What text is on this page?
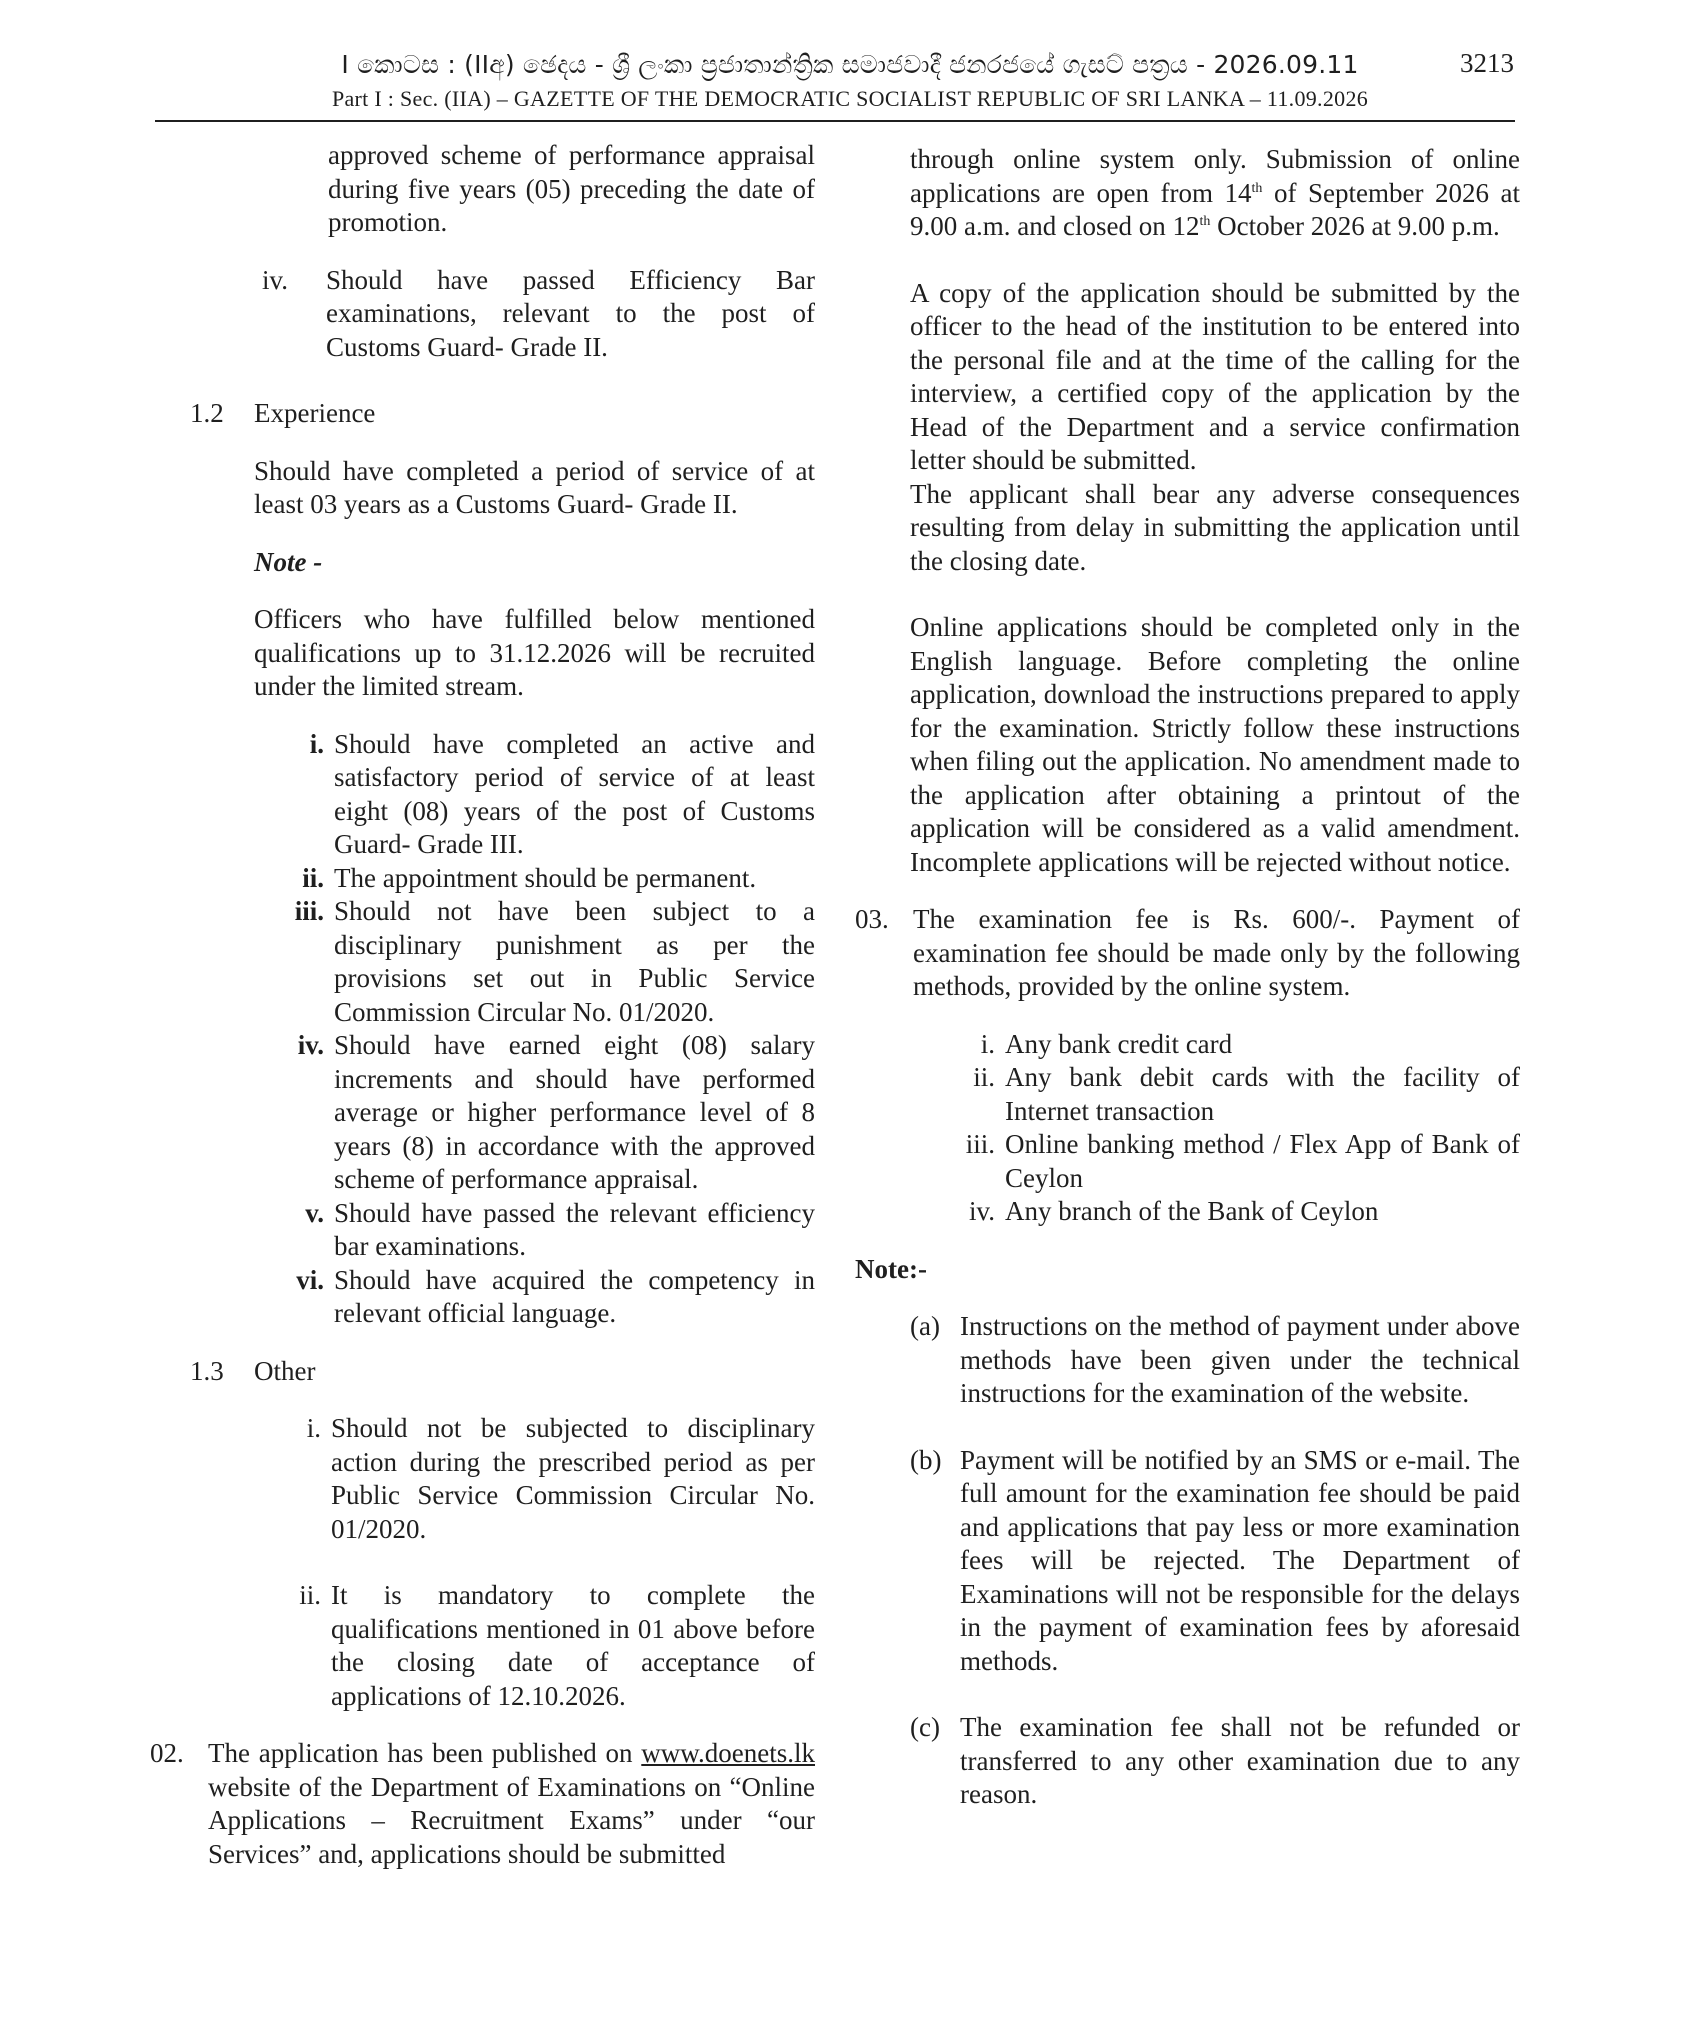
I කොටස : (IIඅ) ඡෙදය - ශ්‍රී ලංකා ප්‍රජාතාන්ත්‍රික සමාජවාදී ජනරජයේ ගැසට් පත්‍රය - 2026.09.11
Part I : Sec. (IIA) – GAZETTE OF THE DEMOCRATIC SOCIALIST REPUBLIC OF SRI LANKA – 11.09.2026
3213

approved scheme of performance appraisal during five years (05) preceding the date of promotion.

iv.	Should have passed Efficiency Bar examinations, relevant to the post of Customs Guard- Grade II.
1.2	Experience

Should have completed a period of service of at least 03 years as a Customs Guard- Grade II.

Note -

Officers who have fulfilled below mentioned qualifications up to 31.12.2026 will be recruited under the limited stream.

i. Should have completed an active and satisfactory period of service of at least eight (08) years of the post of Customs Guard- Grade III.
ii. The appointment should be permanent.
iii. Should not have been subject to a disciplinary punishment as per the provisions set out in Public Service Commission Circular No. 01/2020.
iv. Should have earned eight (08) salary increments and should have performed average or higher performance level of 8 years (8) in accordance with the approved scheme of performance appraisal.
v. Should have passed the relevant efficiency bar examinations.
vi. Should have acquired the competency in relevant official language.
1.3	Other
i. Should not be subjected to disciplinary action during the prescribed period as per Public Service Commission Circular No. 01/2020.
ii. It is mandatory to complete the qualifications mentioned in 01 above before the closing date of acceptance of applications of 12.10.2026.
02. The application has been published on www.doenets.lk website of the Department of Examinations on “Online Applications – Recruitment Exams” under “our Services” and, applications should be submitted

through online system only. Submission of online applications are open from 14th of September 2026 at 9.00 a.m. and closed on 12th October 2026 at 9.00 p.m.

A copy of the application should be submitted by the officer to the head of the institution to be entered into the personal file and at the time of the calling for the interview, a certified copy of the application by the Head of the Department and a service confirmation letter should be submitted.

The applicant shall bear any adverse consequences resulting from delay in submitting the application until the closing date.

Online applications should be completed only in the English language. Before completing the online application, download the instructions prepared to apply for the examination. Strictly follow these instructions when filing out the application. No amendment made to the application after obtaining a printout of the application will be considered as a valid amendment. Incomplete applications will be rejected without notice.

03. The examination fee is Rs. 600/-. Payment of examination fee should be made only by the following methods, provided by the online system.
i. Any bank credit card
ii. Any bank debit cards with the facility of Internet transaction
iii. Online banking method / Flex App of Bank of Ceylon
iv. Any branch of the Bank of Ceylon

Note:-

(a) Instructions on the method of payment under above methods have been given under the technical instructions for the examination of the website.
(b) Payment will be notified by an SMS or e-mail. The full amount for the examination fee should be paid and applications that pay less or more examination fees will be rejected. The Department of Examinations will not be responsible for the delays in the payment of examination fees by aforesaid methods.
(c) The examination fee shall not be refunded or transferred to any other examination due to any reason.
